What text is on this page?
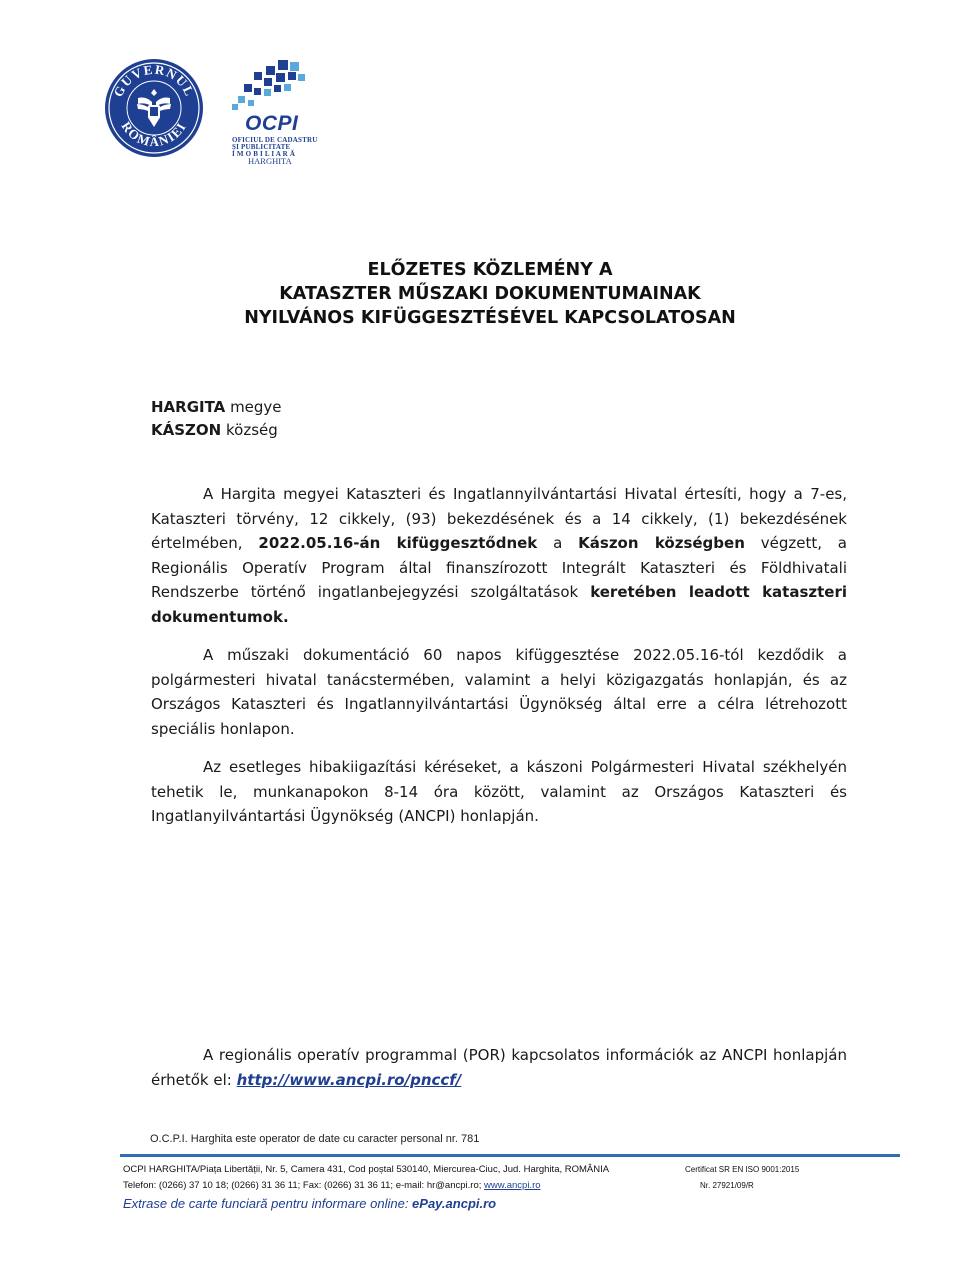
GUVERNUL
ROMÂNIEI	OCPI
OFICIUL DE CADASTRU
ȘI PUBLICITATE
I M O B I L I A R Ă
HARGHITA
ELŐZETES KÖZLEMÉNY A
KATASZTER MŰSZAKI DOKUMENTUMAINAK
NYILVÁNOS KIFÜGGESZTÉSÉVEL KAPCSOLATOSAN
HARGITA megye
KÁSZON község

A Hargita megyei Kataszteri és Ingatlannyilvántartási Hivatal értesíti, hogy a 7-es, Kataszteri törvény, 12 cikkely, (93) bekezdésének és a 14 cikkely, (1) bekezdésének értelmében, 2022.05.16-án kifüggesztődnek a Kászon községben végzett, a Regionális Operatív Program által finanszírozott Integrált Kataszteri és Földhivatali Rendszerbe történő ingatlanbejegyzési szolgáltatások keretében leadott kataszteri dokumentumok.

A műszaki dokumentáció 60 napos kifüggesztése 2022.05.16-tól kezdődik a polgármesteri hivatal tanácstermében, valamint a helyi közigazgatás honlapján, és az Országos Kataszteri és Ingatlannyilvántartási Ügynökség által erre a célra létrehozott speciális honlapon.

Az esetleges hibakiigazítási kéréseket, a kászoni Polgármesteri Hivatal székhelyén tehetik le, munkanapokon 8-14 óra között, valamint az Országos Kataszteri és Ingatlanyilvántartási Ügynökség (ANCPI) honlapján.

A regionális operatív programmal (POR) kapcsolatos információk az ANCPI honlapján érhetők el: http://www.ancpi.ro/pnccf/

O.C.P.I. Harghita este operator de date cu caracter personal nr. 781
OCPI HARGHITA/Piața Libertății, Nr. 5, Camera 431, Cod poștal 530140, Miercurea-Ciuc, Jud. Harghita, ROMÂNIA	Certificat SR EN ISO 9001:2015
Telefon: (0266) 37 10 18; (0266) 31 36 11; Fax: (0266) 31 36 11; e-mail: hr@ancpi.ro; www.ancpi.ro	Nr. 27921/09/R
Extrase de carte funciară pentru informare online: ePay.ancpi.ro
